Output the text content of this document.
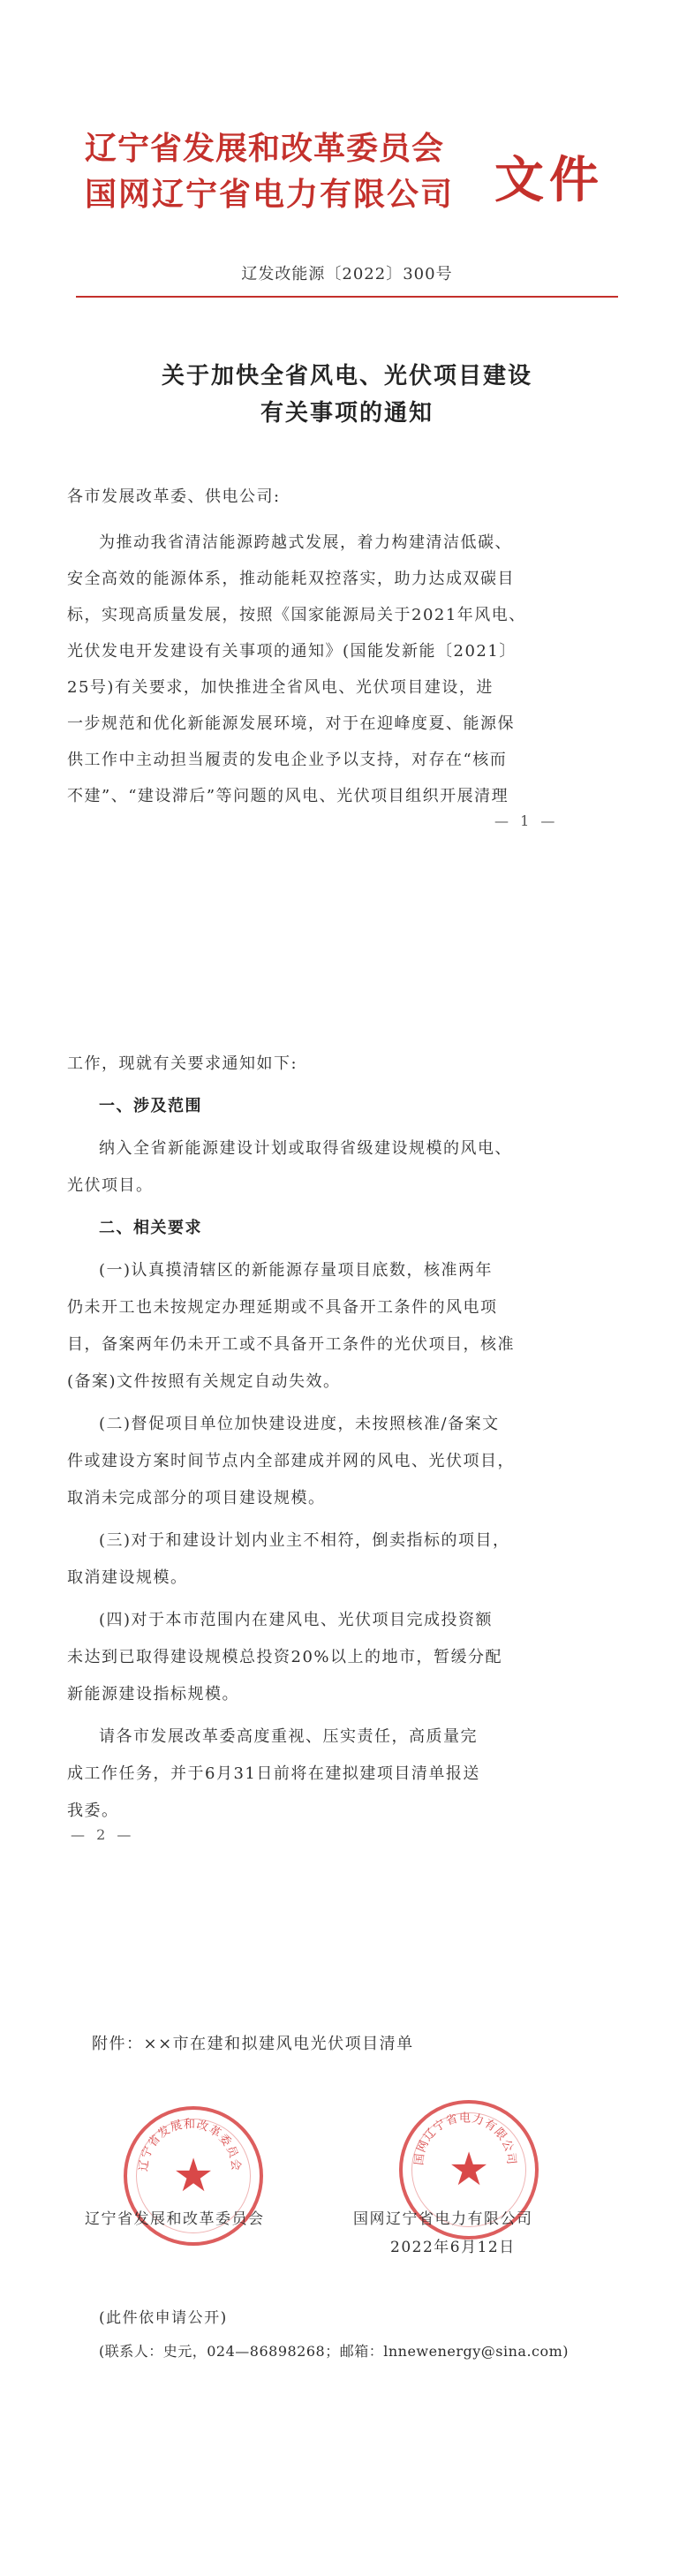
辽宁省发展和改革委员会
国网辽宁省电力有限公司 文件
辽发改能源〔2022〕300号
关于加快全省风电、光伏项目建设
有关事项的通知
各市发展改革委、供电公司:
为推动我省清洁能源跨越式发展，着力构建清洁低碳、
安全高效的能源体系，推动能耗双控落实，助力达成双碳目
标，实现高质量发展，按照《国家能源局关于2021年风电、
光伏发电开发建设有关事项的通知》(国能发新能〔2021〕
25号)有关要求，加快推进全省风电、光伏项目建设，进
一步规范和优化新能源发展环境，对于在迎峰度夏、能源保
供工作中主动担当履责的发电企业予以支持，对存在“核而
不建”、“建设滞后”等问题的风电、光伏项目组织开展清理
— 1 —
工作，现就有关要求通知如下:
一、涉及范围
纳入全省新能源建设计划或取得省级建设规模的风电、
光伏项目。
二、相关要求
(一)认真摸清辖区的新能源存量项目底数，核准两年
仍未开工也未按规定办理延期或不具备开工条件的风电项
目，备案两年仍未开工或不具备开工条件的光伏项目，核准
(备案)文件按照有关规定自动失效。
(二)督促项目单位加快建设进度，未按照核准/备案文
件或建设方案时间节点内全部建成并网的风电、光伏项目，
取消未完成部分的项目建设规模。
(三)对于和建设计划内业主不相符，倒卖指标的项目，
取消建设规模。
(四)对于本市范围内在建风电、光伏项目完成投资额
未达到已取得建设规模总投资20%以上的地市，暂缓分配
新能源建设指标规模。
请各市发展改革委高度重视、压实责任，高质量完
成工作任务，并于6月31日前将在建拟建项目清单报送
我委。
— 2 —
附件：××市在建和拟建风电光伏项目清单
辽宁省发展和改革委员会
★	国网辽宁省电力有限公司
★
辽宁省发展和改革委员会	国网辽宁省电力有限公司
2022年6月12日
(此件依申请公开)
(联系人：史元，024—86898268；邮箱：lnnewenergy@sina.com)
